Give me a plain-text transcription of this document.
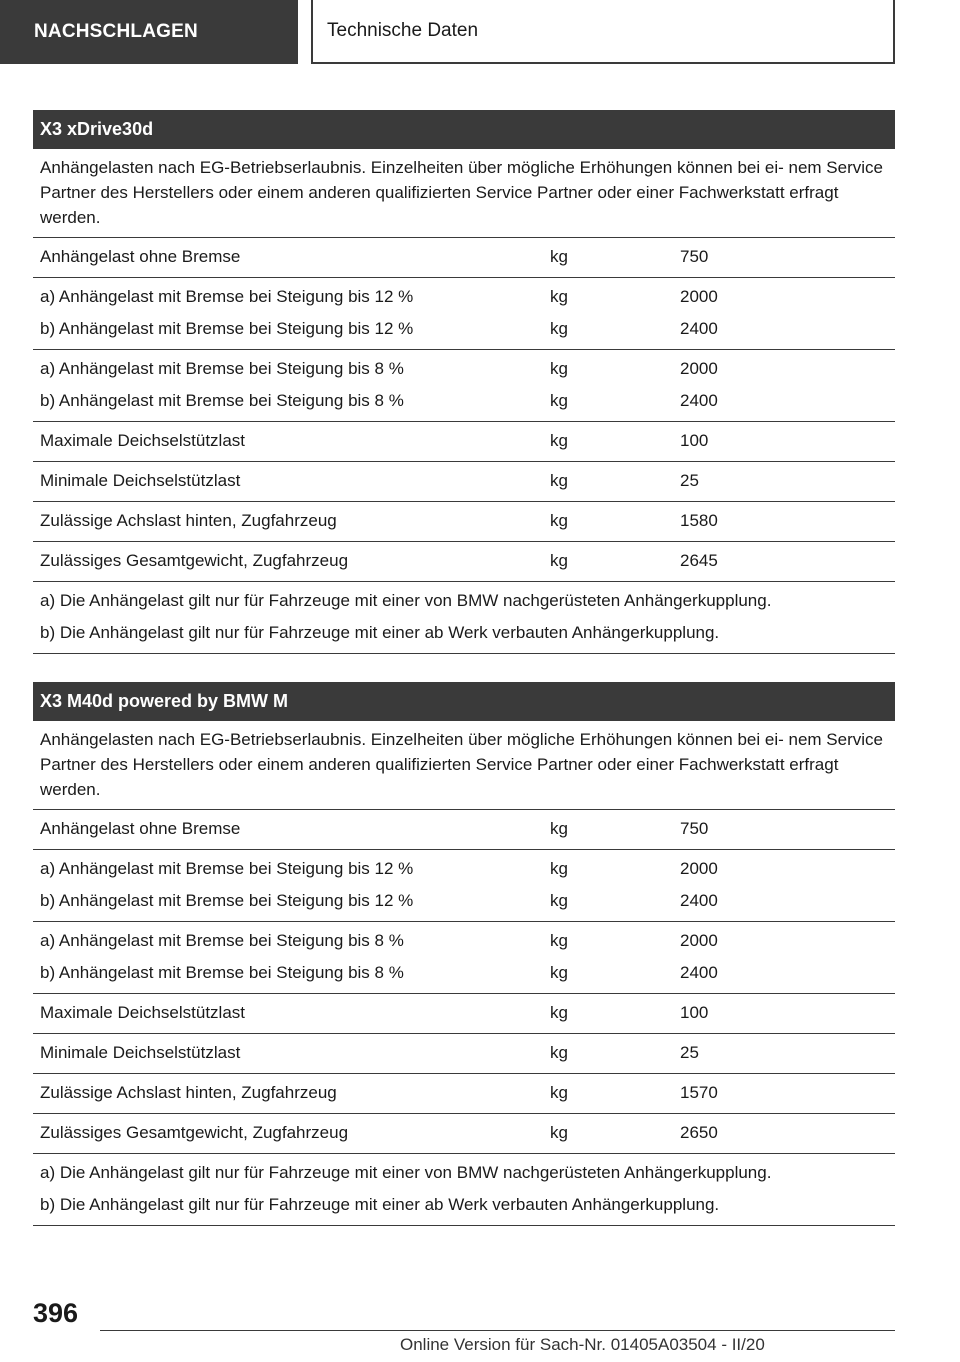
NACHSCHLAGEN	Technische Daten
X3 xDrive30d
Anhängelasten nach EG-Betriebserlaubnis. Einzelheiten über mögliche Erhöhungen können bei ei- nem Service Partner des Herstellers oder einem anderen qualifizierten Service Partner oder einer Fachwerkstatt erfragt werden.
Anhängelast ohne Bremse	kg	750
a) Anhängelast mit Bremse bei Steigung bis 12 %	kg	2000
b) Anhängelast mit Bremse bei Steigung bis 12 %	kg	2400
a) Anhängelast mit Bremse bei Steigung bis 8 %	kg	2000
b) Anhängelast mit Bremse bei Steigung bis 8 %	kg	2400
Maximale Deichselstützlast	kg	100
Minimale Deichselstützlast	kg	25
Zulässige Achslast hinten, Zugfahrzeug	kg	1580
Zulässiges Gesamtgewicht, Zugfahrzeug	kg	2645
a) Die Anhängelast gilt nur für Fahrzeuge mit einer von BMW nachgerüsteten Anhängerkupplung.
b) Die Anhängelast gilt nur für Fahrzeuge mit einer ab Werk verbauten Anhängerkupplung.
X3 M40d powered by BMW M
Anhängelasten nach EG-Betriebserlaubnis. Einzelheiten über mögliche Erhöhungen können bei ei- nem Service Partner des Herstellers oder einem anderen qualifizierten Service Partner oder einer Fachwerkstatt erfragt werden.
Anhängelast ohne Bremse	kg	750
a) Anhängelast mit Bremse bei Steigung bis 12 %	kg	2000
b) Anhängelast mit Bremse bei Steigung bis 12 %	kg	2400
a) Anhängelast mit Bremse bei Steigung bis 8 %	kg	2000
b) Anhängelast mit Bremse bei Steigung bis 8 %	kg	2400
Maximale Deichselstützlast	kg	100
Minimale Deichselstützlast	kg	25
Zulässige Achslast hinten, Zugfahrzeug	kg	1570
Zulässiges Gesamtgewicht, Zugfahrzeug	kg	2650
a) Die Anhängelast gilt nur für Fahrzeuge mit einer von BMW nachgerüsteten Anhängerkupplung.
b) Die Anhängelast gilt nur für Fahrzeuge mit einer ab Werk verbauten Anhängerkupplung.
396
Online Version für Sach-Nr. 01405A03504 - II/20
